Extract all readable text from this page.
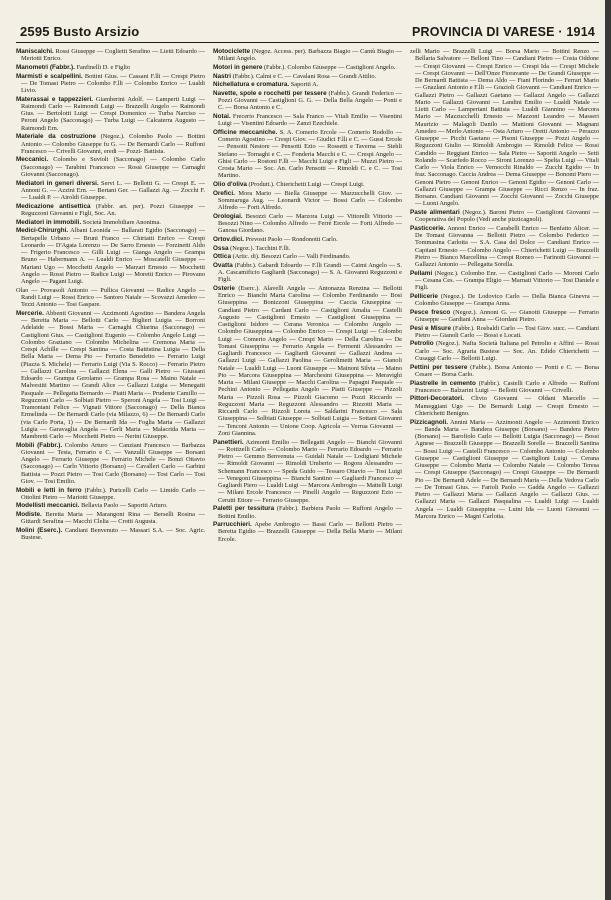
2595 Busto Arsizio	PROVINCIA DI VARESE · 1914

Maniscalchi. Rossi Giuseppe — Coglietti Serafino — Lietti Edoardo — Meriotti Enrico.

Manometri (Fabbr.). Fanfinelli D. e Figlio

Marmisti e scalpellini. Bottini Gius. — Cassani F.lli — Crespi Pietro — De Tomasi Pietro — Colombo F.lli — Colombo Enrico — Lualdi Livio.

Materassai e tappezzieri. Giamberini Adolf. — Lamperti Luigi — Raimondi Carlo — Raimondi Luigi — Brazzelli Angelo — Raimondi Gius. — Bertolotti Luigi — Crespi Domenico — Turba Narciso — Peroni Angelo (Sacconago) — Turba Luigi — Calcaterra Augusto — Raimondi Ern.

Materiale da costruzione (Negoz.). Colombo Paolo — Bottini Antonio — Colombo Giuseppe fu G. — De Bernardi Carlo — Ruffoni Francesco — Crivelli Giovanni, eredi — Pozzi- Battista.

Meccanici. Colombo e Suvioli (Sacconago) — Colombo Carlo (Sacconago) — Tarabini Francesco — Rossi Giuseppe — Carnaghi Giovanni (Sacconago).

Mediatori in generi diversi. Servi L. — Bellotti G. — Crespi E. — Annoni G. — Azzini Ern. — Bertani Ger. — Gallazzi Ag. — Zocchi F. — Lualdi P. — Airoldi Giuseppe.

Medicazione antisettica (Fabbr. art. per). Pozzi Giuseppe — Reguzzoni Giovanni e Figli, Soc. An.

Mediatori in immobili. Società Immobiliare Anonima.

Medici-Chirurghi. Albani Leonida — Ballarati Egidio (Sacconago) — Bertapelle Urbano — Bruni Franco — Chiriatti Enrico — Crespi Leonardo — D'Agata Lorenzo — De Sarro Ernesto — Forzinetti Aldo — Frigerio Francesco — Gilli Luigi — Gianga Angelo — Grampa Bruno — Habermann A. — Lualdi Enrico — Moscatelli Giuseppe — Mariani Ugo — Mocchetti Angelo — Marzari Ernesto — Mocchetti Angelo — Rossi Pietro — Radice Luigi — Moretti Enrico — Pirovano Angelo — Pagani Luigi.

Olao — Provasoli Antonio — Pullica Giovanni — Radice Angelo — Randi Luigi — Rossi Enrico — Santoro Natale — Scovazzi Amedeo — Tezzi Antonio — Tosi Gaspare.

Mercerie. Abbenti Giovanni — Azzimonti Agostino — Bandera Angela — Beretta Maria — Bellotti Carlo — Biglieri Luigia — Borroni Adelaide — Bossi Maria — Carnaghi Chiarina (Sacconago) — Castiglioni Gius. — Castiglioni Eugenio — Colombo Angelo Luigi — Colombo Graziano — Colombo Michelina — Cremona Maria — Crespi Achille — Crespi Santina — Costa Battistina Luigia — Della Bella Maria — Dema Pio — Ferrario Benedetto — Ferrario Luigi (Piazza S. Michele) — Ferrario Luigi (Via S. Rocco) — Ferrario Pietro — Gallazzi Carolina — Gallazzi Elena — Galli Pietro — Giussani Edoardo — Grampa Gerolamo — Grampa Rosa — Maino Natale — Malvestiti Martino — Grandi Alice — Gallazzi Luigia — Menegatti Pasquale — Pellegatta Bernardo — Piatti Maria — Prudente Camillo — Reguzzoni Carlo — Solbiati Pietro — Speroni Angela — Tosi Luigi — Tramontani Felice — Vignati Vittore (Sacconago) — Della Bianca Ermelinda — De Bernardi Carlo (via Milazzo, 6) — De Bernardi Carlo (via Carlo Porta, 1) — De Bernardi Ida — Foglia Maria — Gallazzi Luigia — Garavaglia Angela — Gerli Maria — Malacrida Maria — Mambretti Carlo — Mocchetti Pietro — Nerini Giuseppe.

Mobili (Fabbr.). Colombo Arturo — Canziani Francesco — Barbazza Giovanni — Testa, Ferrario e C. — Vanzulli Giuseppe — Borsani Angelo — Ferrario Giuseppe — Ferrario Michele — Bonzi Ottavio (Sacconago) — Carlo Vittorio (Borsano) — Cavalleri Carlo — Garbini Battista — Pozzi Pietro — Tosi Carlo (Borsano) — Tosi Carlo — Tosi Giov. — Tosi Emilio.

Mobili e letti in ferro (Fabbr.). Puricelli Carlo — Limido Carlo — Ottolini Pietro — Mariotti Giuseppe.

Modellisti meccanici. Bellavia Paolo — Saporiti Arturo.

Modiste. Beretta Maria — Marangoni Rina — Berselli Rosina — Gittardi Serafina — Macchi Clelia — Crotti Augusta.

Molini (Eserc.). Candiani Benvenuto — Massari S.A. — Soc. Agric. Bustese.

Motociclette (Negoz. Access. per). Barbazza Biagio — Cantù Biagio — Milani Angelo.

Motori in genere (Fabbr.). Colombo Giuseppe — Castiglioni Angelo.

Nastri (Fabbr.). Calmi e C. — Cavalani Rosa — Grandi Attilio.

Nichellatura e cromatura. Saporiti A.

Navette, spole e rocchetti per tessere (Fabbr.). Grandi Federico — Pozzi Giovanni — Castiglioni G. G. — Della Bella Angelo — Ponti e C. — Borsa Antonio e C.

Notai. Frecerio Francesco — Sala Franco — Vitali Emilio — Visentini Luigi — Visentini Edoardo — Zanzi Ezechiele.

Officine meccaniche. S. A. Comerio Ercole — Comerio Rodolfo — Comerio Agostino — Crespi Giov. — Giudici F.lli e C. — Gussi Ercole — Pensotti Nestore — Pensotti Ezio — Rossetti e Taverna — Stehli Stefano — Tornaghi e C. — Fonderia Macchi e C. — Crespi Angelo — Ghisi Carlo — Rostoni F.lli — Macchi Luigi e Figli — Muzzi Pietro — Crosta Mario — Soc. An. Carlo Pensotti — Rimoldi C. e C. — Tosi Martino.

Olio d'oliva (Produtt.). Chierichetti Luigi — Crespi Luigi.

Orefici. Mora Mario — Biella Giuseppe — Mazzucchelli Giov. — Sommaruga Aug. — Leonardi Victor — Bossi Carlo — Colombo Alfredo — Forti Alfredo.

Orologiai. Besozzi Carlo — Marzora Luigi — Vittorelli Vittorio — Besozzi Nino — Colombo Alfredo — Ferrè Ercole — Forti Alfredo — Ganosa Giordano.

Ortov.dici. Prevosti Paolo — Rondonotti Carlo.

Ossa (Negoz.). Tacchini F.lli.

Ottica (Artic. di). Besozzi Carlo — Valli Ferdinando.

Ovatta (Fabbr.). Gabardi Edoardo — F.lli Grandi — Caimi Angelo — S. A. Cascamificio Gagliardi (Sacconago) — S. A. Giovanni Reguzzoni e Figli.

Osterie (Eserc.). Alavelli Angela — Antonazza Renzina — Bellotti Enrico — Bianchi Maria Carolina — Colombo Ferdinando — Bosi Giuseppina — Bonizzoni Giuseppina — Caccia Giuseppina — Candiani Pietro — Cardani Carlo — Castiglioni Amalia — Castelli Augusto — Castiglioni Ernesto — Castiglioni Giuseppina — Castiglioni Isidoro — Cerana Veronica — Colombo Angelo — Colombo Giuseppina — Colombo Enrico — Crespi Luigi — Colombo Luigi — Comerio Angelo — Crespi Mario — Della Carolina — De Tomasi Giuseppina — Ferrario Angela — Fermenti Alessandro — Gagliardi Francesco — Gagliardi Giovanni — Gallazzi Andrea — Gallazzi Luigi — Gallazzi Paolina — Gerolimetti Maria — Gianoli Natale — Lualdi Luigi — Luoni Giuseppe — Mainoni Silvia — Maino Pio — Marcora Giuseppina — Marchesini Giuseppina — Meravighi Maria — Milani Giuseppe — Macchi Carolina — Papagni Pasquale — Pechini Antonio — Pellegatta Angelo — Piatti Giuseppe — Pizzoli Maria — Pizzoli Rosa — Pizzoli Giacomo — Pozzi Riccardo — Reguzzoni Maria — Reguzzoni Alessandro — Rizzotti Maria — Riccardi Carlo — Rizzoli Loreta — Saldarini Francesco — Sala Giuseppina — Solbiati Giuseppe — Solbiati Luigia — Sottani Giovanni — Tenconi Antonio — Unione Coop. Agricola — Verrua Giovanni — Zoni Giannina.

Panettieri. Azimonti Emilio — Bellegatti Angelo — Bianchi Giovanni — Rottizelli Carlo — Colombo Mario — Ferrario Edoardo — Ferrario Pietro — Gemmo Benvenuta — Guidali Natale — Lodigiani Michele — Rimoldi Giovanni — Rimoldi Umberto — Rogora Alessandro — Schemann Francesco — Speda Guido — Tessaro Ottavio — Tosi Luigi — Venegoni Giuseppina — Bianchi Santino — Gagliardi Francesco — Gagliardi Piero — Lualdi Luigi — Marcora Ambrogio — Mattelli Luigi — Milani Ercole Francesco — Pinelli Angelo — Reguzzoni Ezio — Cerutti Ettore — Ferrario Giuseppe.

Paletti per tessitura (Fabbr.). Barbiera Paolo — Ruffoni Angelo — Bottini Emilio.

Parrucchieri. Apebe Ambrogio — Bassi Carlo — Bellotti Pietro — Beretta Egidio — Brazzelli Giuseppe — Della Bella Mario — Milani Ercole.

zelli Mario — Brazzelli Luigi — Borsa Mario — Bottini Renzo — Bellaria Salvatore — Belloni Tino — Candiani Pietro — Costa Oddone — Crespi Giovanni — Crespi Enrico — Crespi Ida — Crespi Michele — Crespi Giovanni — Dell'Onze Fioravante — De Grandi Giuseppe — De Bernardi Battista — Dema Aldo — Fiani Florindo — Ferrari Mario — Gnazlani Antonio e F.lli — Grazioli Giovanni — Candiani Enrico — Gallazzi Pietro — Gallazzi Gaetano — Gallazzi Angelo — Gallazzi Mario — Gallazzi Giovanni — Landini Emilio — Lualdi Natale — Lietti Carlo — Lampertani Battista — Lualdi Giannino — Marcora Mario — Mazzucchelli Ernesto — Mazzoni Leandro — Masseri Maurizio — Malagoli Danilo — Mattioni Giovanni — Magnani Amedeo — Merlo Antonio — Osta Arturo — Oretti Antonio — Perazzo Giuseppe — Picchi Gaetano — Pisoni Giuseppe — Pozzi Angelo — Reguzzoni Giulio — Rimoldi Ambrogio — Rimoldi Felice — Rossi Candido — Reggiani Enrico — Sala Pietro — Saporiti Angelo — Setti Rolando — Scarfedo Rocco — Sironi Lorenzo — Spelta Luigi — Vitali Carlo — Viola Enrico — Vernocchi Rinaldo — Zucchi Egidio — In fraz. Sacconago. Caccia Andrea — Dema Giuseppe — Bonomi Piero — Genoni Pietro — Genoni Enrico — Genoni Egidio — Genoni Carlo — Gallazzi Giuseppe — Grampa Giuseppe — Ricci Renzo — In fraz. Borsano. Candiani Giovanni — Zocchi Giovanni — Zocchi Giuseppe — Luoni Angelo.

Paste alimentari (Negoz.). Baroni Pietro — Castiglioni Giovanni — Cooperativa del Popolo (Vedi anche pizzicagnoli).

Pasticcerie. Annoni Enrico — Carabelli Enrico — Benfatto Alicer. — De Tomasi Giovanna — Bellotti Pietro — Colombo Federico — Tommasina Carlotta — S.A. Casa del Dolce — Candiani Enrico — Capitani Ernesto — Colombo Angelo — Chierichetti Luigi — Brazzelli Pietro — Bianco Marcellina — Crespi Romeo — Farinotti Giovanni — Gallazzi Antonio — Pellegatta Sorella.

Pellami (Negoz.). Colombo Enr. — Castiglioni Carlo — Moroni Carlo — Cesana Ces. — Grampa Eligio — Marnati Vittorio — Tosi Daniele e Figli.

Pellicerie (Negoz.). De Lodovico Carlo — Della Bianca Ginevra — Colombo Giuseppe — Grampa Anna.

Pesce fresco (Negoz.). Annoni G. — Gianotti Giuseppe — Ferrario Giuseppe — Gardiani Anna — Giordani Pietro.

Pesi e Misure (Fabbr.). Rosbaldi Carlo — Tosi Giov. succ. — Candiani Pietro — Gianoli Carlo — Bossi e Locati.

Petrolio (Negoz.). Nafta Società Italiana pel Petrolio e Affini — Rossi Carlo — Soc. Agraria Bustese — Soc. An. Edido Chierichetti — Cusaggi Carlo — Bellotti Luigi.

Pettini per tessere (Fabbr.). Borsa Antonio — Ponti e C. — Borsa Cesare — Borsa Carlo.

Piastrelle in cemento (Fabbr.). Castelli Carlo e Alfredo — Ruffoni Francesco — Balzarini Luigi — Bellotti Giovanni — Crivelli.

Pittori-Decoratori. Clivio Giovanni — Oldani Marcello — Mameggiani Ugo — De Bernardi Luigi — Crespi Ernesto — Chierichetti Benigno.

Pizzicagnoli. Annini Maria — Azzimonti Angelo — Azzimonti Enrico — Banda Maria — Bandera Giuseppe (Borsano) — Bandera Pietro (Borsano) — Barofiolo Carlo — Bellotti Luigia (Sacconago) — Bossi Agnese — Brazzelli Giuseppe — Brazzelli Sorelle — Brazzelli Santina — Bossi Luigi — Castelli Francesco — Colombo Antonio — Colombo Giuseppe — Castiglioni Giuseppe — Castiglioni Luigi — Cerana Giuseppe — Colombo Maria — Colombo Natale — Colombo Teresa — Crespi Giuseppe (Sacconago) — Crespi Giuseppe — De Bernardi Pio — De Bernardi Adele — De Bernardi Maria — Della Vedova Carlo — De Tomasi Gius. — Farioli Paolo — Gadda Angelo — Gallazzi Pietro — Gallazzi Maria — Gallazzi Angelo — Gallazzi Gius. — Gallazzi Maria — Gallazzi Pasqualina — Lualdi Luigi — Lualdi Angela — Lualdi Giuseppina — Luini Ida — Luoni Giovanni — Marcora Enrico — Magni Carlotta.
